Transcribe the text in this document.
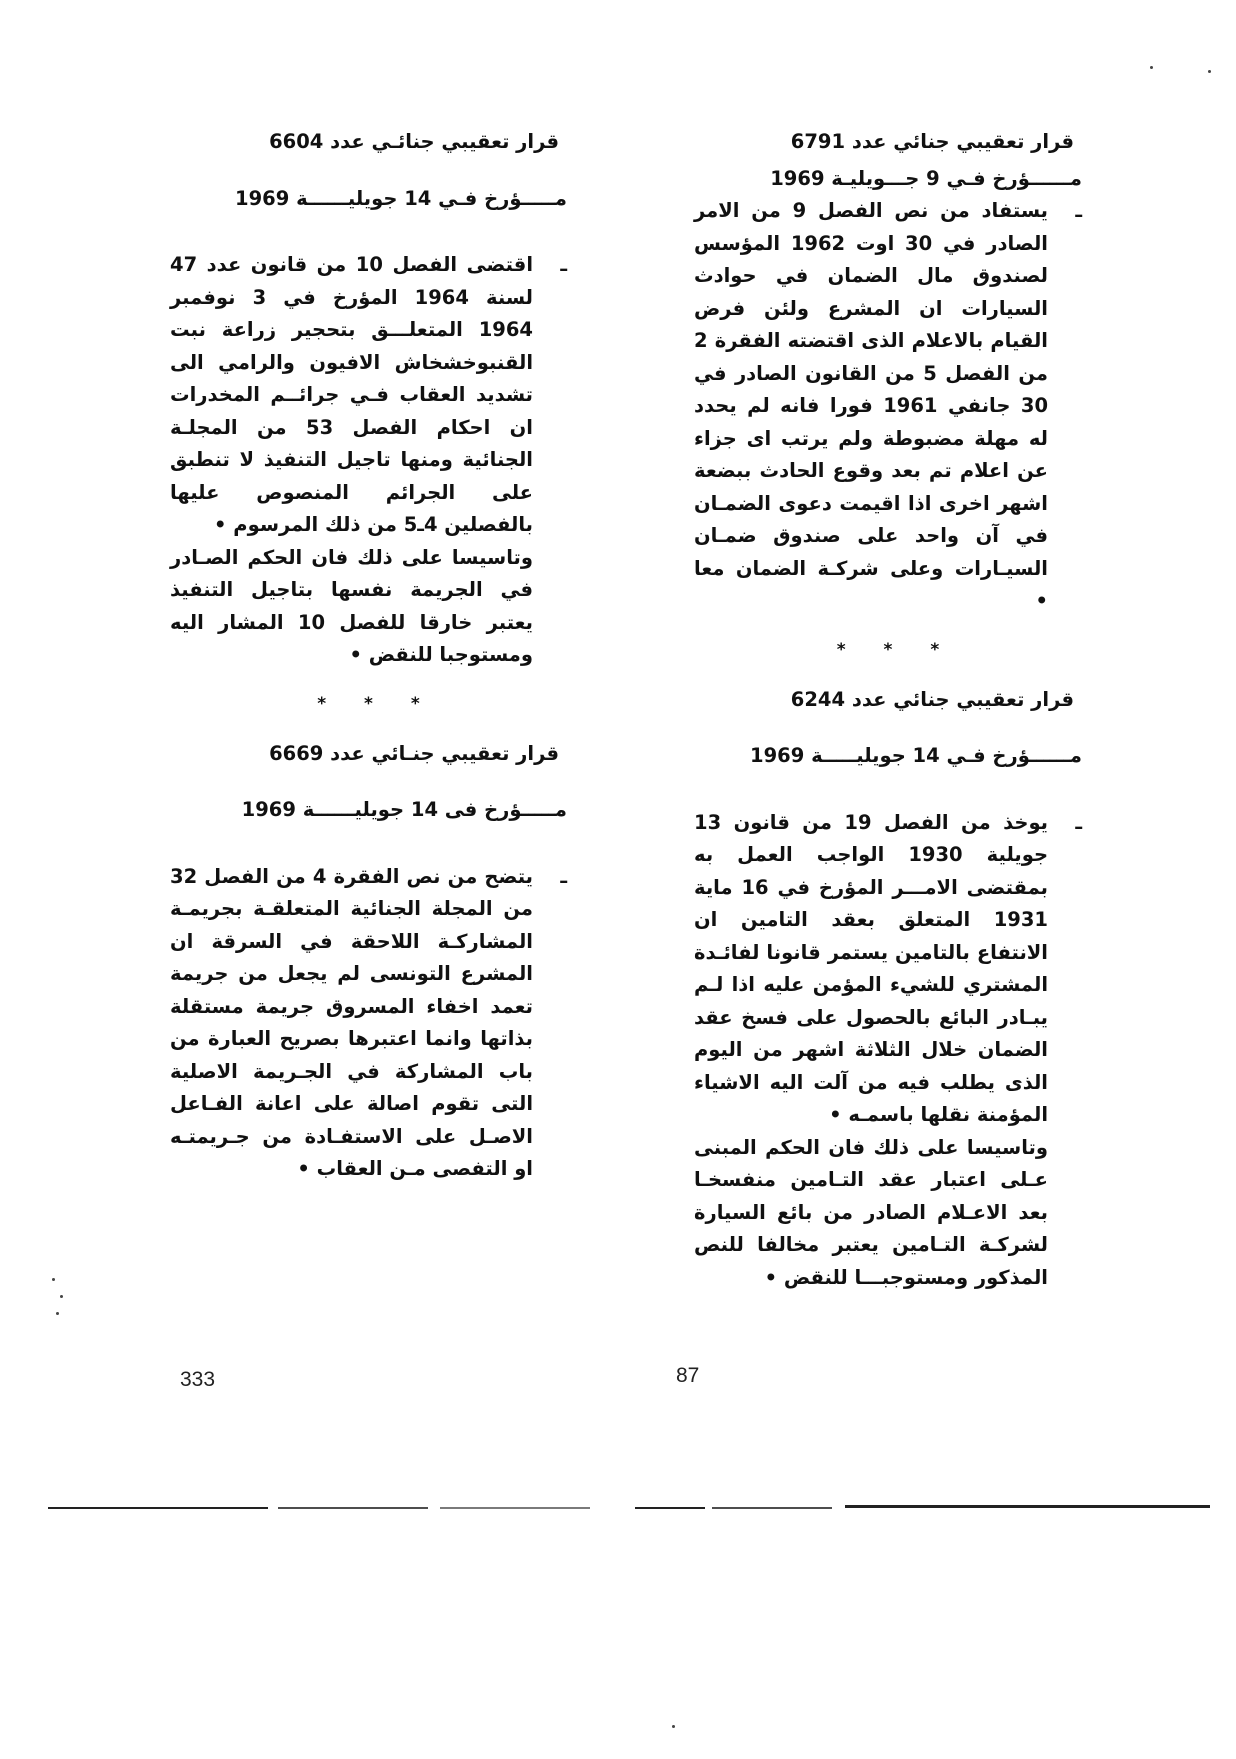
قرار تعقيبي جنائي عدد 6791
مــــــؤرخ فـي 9 جـــويليـة 1969
ـ

يستفاد من نص الفصل 9 من الامر الصادر في 30 اوت 1962 المؤسس لصندوق مال الضمان في حوادث السيارات ان المشرع ولئن فرض القيام بالاعلام الذى اقتضته الفقرة 2 من الفصل 5 من القانون الصادر في 30 جانفي 1961 فورا فانه لم يحدد له مهلة مضبوطة ولم يرتب اى جزاء عن اعلام تم بعد وقوع الحادث ببضعة اشهر اخرى اذا اقيمت دعوى الضمـان في آن واحد على صندوق ضمـان السيـارات وعلى شركـة الضمان معا •

* * *
قرار تعقيبي جنائي عدد 6244
مــــــؤرخ فـي 14 جويليـــــة 1969
ـ

يوخذ من الفصل 19 من قانون 13 جويلية 1930 الواجب العمل به بمقتضى الامـــر المؤرخ في 16 ماية 1931 المتعلق بعقد التامين ان الانتفاع بالتامين يستمر قانونا لفائـدة المشتري للشيء المؤمن عليه اذا لـم يبـادر البائع بالحصول على فسخ عقد الضمان خلال الثلاثة اشهر من اليوم الذى يطلب فيه من آلت اليه الاشياء المؤمنة نقلها باسمـه •

وتاسيسا على ذلك فان الحكم المبنى عـلى اعتبار عقد التـامين منفسخـا بعد الاعـلام الصادر من بائع السيارة لشركـة التـامين يعتبر مخالفا للنص المذكور ومستوجبـــا للنقض •

قرار تعقيبي جنائـي عدد 6604
مـــــؤرخ فـي 14 جويليــــــة 1969
ـ

اقتضى الفصل 10 من قانون عدد 47 لسنة 1964 المؤرخ في 3 نوفمبر 1964 المتعلـــق بتحجير زراعة نبت القنبوخشخاش الافيون والرامي الى تشديد العقاب فـي جرائــم المخدرات ان احكام الفصل 53 من المجلـة الجنائية ومنها تاجيل التنفيذ لا تنطبق على الجرائم المنصوص عليها بالفصلين 4ـ5 من ذلك المرسوم •

وتاسيسا على ذلك فان الحكم الصـادر في الجريمة نفسها بتاجيل التنفيذ يعتبر خارقا للفصل 10 المشار اليه ومستوجبا للنقض •

* * *
قرار تعقيبي جنـائي عدد 6669
مـــــؤرخ فى 14 جويليــــــة 1969
ـ

يتضح من نص الفقرة 4 من الفصل 32 من المجلة الجنائية المتعلقـة بجريمـة المشاركـة اللاحقة في السرقة ان المشرع التونسى لم يجعل من جريمة تعمد اخفاء المسروق جريمة مستقلة بذاتها وانما اعتبرها بصريح العبارة من باب المشاركة في الجـريمة الاصلية التى تقوم اصالة على اعانة الفـاعل الاصـل على الاستفـادة من جـريمتـه او التفصى مـن العقاب •

333	87
